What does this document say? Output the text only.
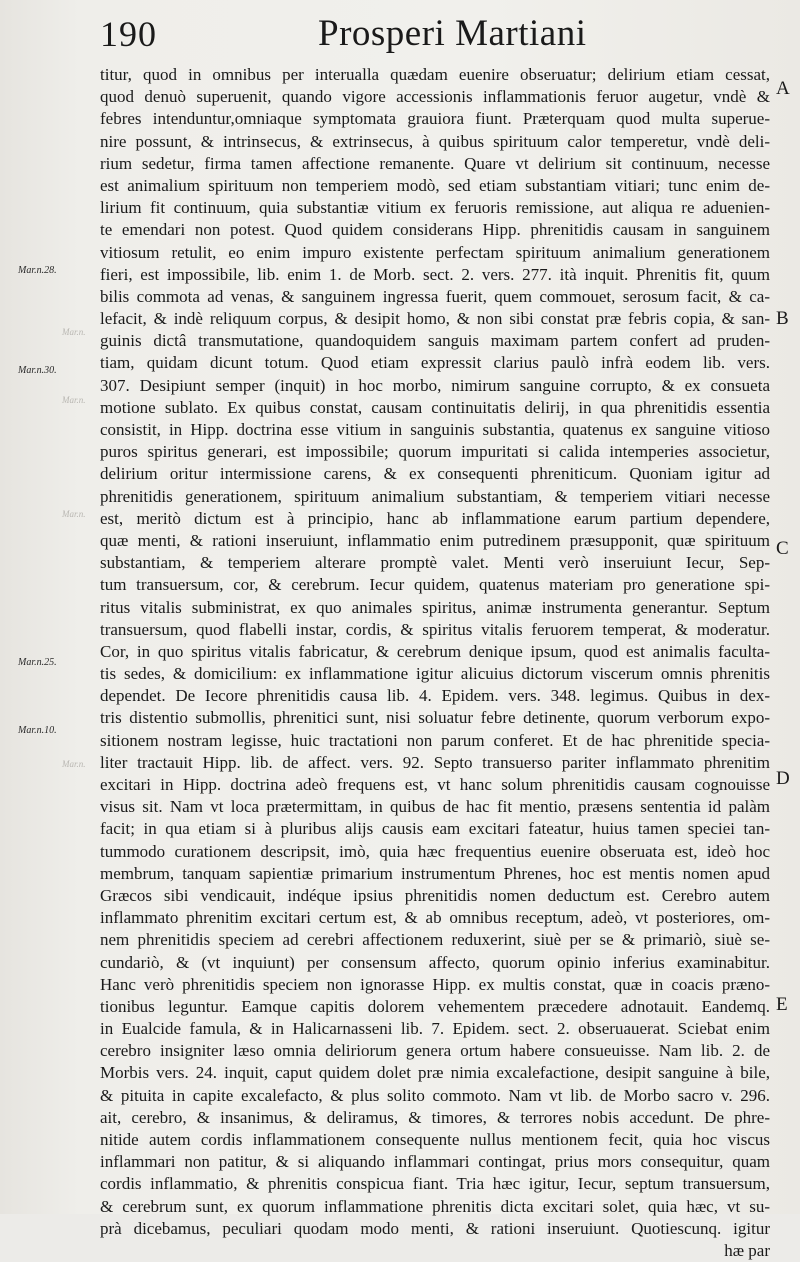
190	Prosperi Martiani
A
B
C
D
E
Mar.n.28.
Mar.n.30.
Mar.n.25.
Mar.n.10.
Mar.n.
Mar.n.
Mar.n.
Mar.n.
titur, quod in omnibus per interualla quædam euenire obseruatur; delirium etiam cessat,
quod denuò superuenit, quando vigore accessionis inflammationis feruor augetur, vndè &
febres intenduntur,omniaque symptomata grauiora fiunt. Præterquam quod multa superue-
nire possunt, & intrinsecus, & extrinsecus, à quibus spirituum calor temperetur, vndè deli-
rium sedetur, firma tamen affectione remanente. Quare vt delirium sit continuum, necesse
est animalium spirituum non temperiem modò, sed etiam substantiam vitiari; tunc enim de-
lirium fit continuum, quia substantiæ vitium ex feruoris remissione, aut aliqua re aduenien-
te emendari non potest. Quod quidem considerans Hipp. phrenitidis causam in sanguinem
vitiosum retulit, eo enim impuro existente perfectam spirituum animalium generationem
fieri, est impossibile, lib. enim 1. de Morb. sect. 2. vers. 277. ità inquit. Phrenitis fit, quum
bilis commota ad venas, & sanguinem ingressa fuerit, quem commouet, serosum facit, & ca-
lefacit, & indè reliquum corpus, & desipit homo, & non sibi constat præ febris copia, & san-
guinis dictâ transmutatione, quandoquidem sanguis maximam partem confert ad pruden-
tiam, quidam dicunt totum. Quod etiam expressit clarius paulò infrà eodem lib. vers.
307. Desipiunt semper (inquit) in hoc morbo, nimirum sanguine corrupto, & ex consueta
motione sublato. Ex quibus constat, causam continuitatis delirij, in qua phrenitidis essentia
consistit, in Hipp. doctrina esse vitium in sanguinis substantia, quatenus ex sanguine vitioso
puros spiritus generari, est impossibile; quorum impuritati si calida intemperies associetur,
delirium oritur intermissione carens, & ex consequenti phreniticum. Quoniam igitur ad
phrenitidis generationem, spirituum animalium substantiam, & temperiem vitiari necesse
est, meritò dictum est à principio, hanc ab inflammatione earum partium dependere,
quæ menti, & rationi inseruiunt, inflammatio enim putredinem præsupponit, quæ spirituum
substantiam, & temperiem alterare promptè valet. Menti verò inseruiunt Iecur, Sep-
tum transuersum, cor, & cerebrum. Iecur quidem, quatenus materiam pro generatione spi-
ritus vitalis subministrat, ex quo animales spiritus, animæ instrumenta generantur. Septum
transuersum, quod flabelli instar, cordis, & spiritus vitalis feruorem temperat, & moderatur.
Cor, in quo spiritus vitalis fabricatur, & cerebrum denique ipsum, quod est animalis faculta-
tis sedes, & domicilium: ex inflammatione igitur alicuius dictorum viscerum omnis phrenitis
dependet. De Iecore phrenitidis causa lib. 4. Epidem. vers. 348. legimus. Quibus in dex-
tris distentio submollis, phrenitici sunt, nisi soluatur febre detinente, quorum verborum expo-
sitionem nostram legisse, huic tractationi non parum conferet. Et de hac phrenitide specia-
liter tractauit Hipp. lib. de affect. vers. 92. Septo transuerso pariter inflammato phrenitim
excitari in Hipp. doctrina adeò frequens est, vt hanc solum phrenitidis causam cognouisse
visus sit. Nam vt loca prætermittam, in quibus de hac fit mentio, præsens sententia id palàm
facit; in qua etiam si à pluribus alijs causis eam excitari fateatur, huius tamen speciei tan-
tummodo curationem descripsit, imò, quia hæc frequentius euenire obseruata est, ideò hoc
membrum, tanquam sapientiæ primarium instrumentum Phrenes, hoc est mentis nomen apud
Græcos sibi vendicauit, indéque ipsius phrenitidis nomen deductum est. Cerebro autem
inflammato phrenitim excitari certum est, & ab omnibus receptum, adeò, vt posteriores, om-
nem phrenitidis speciem ad cerebri affectionem reduxerint, siuè per se & primariò, siuè se-
cundariò, & (vt inquiunt) per consensum affecto, quorum opinio inferius examinabitur.
Hanc verò phrenitidis speciem non ignorasse Hipp. ex multis constat, quæ in coacis præno-
tionibus leguntur. Eamque capitis dolorem vehementem præcedere adnotauit. Eandemq.
in Eualcide famula, & in Halicarnasseni lib. 7. Epidem. sect. 2. obseruauerat. Sciebat enim
cerebro insigniter læso omnia deliriorum genera ortum habere consueuisse. Nam lib. 2. de
Morbis vers. 24. inquit, caput quidem dolet præ nimia excalefactione, desipit sanguine à bile,
& pituita in capite excalefacto, & plus solito commoto. Nam vt lib. de Morbo sacro v. 296.
ait, cerebro, & insanimus, & deliramus, & timores, & terrores nobis accedunt. De phre-
nitide autem cordis inflammationem consequente nullus mentionem fecit, quia hoc viscus
inflammari non patitur, & si aliquando inflammari contingat, prius mors consequitur, quam
cordis inflammatio, & phrenitis conspicua fiant. Tria hæc igitur, Iecur, septum transuersum,
& cerebrum sunt, ex quorum inflammatione phrenitis dicta excitari solet, quia hæc, vt su-
prà dicebamus, peculiari quodam modo menti, & rationi inseruiunt. Quotiescunq. igitur
hæ par
